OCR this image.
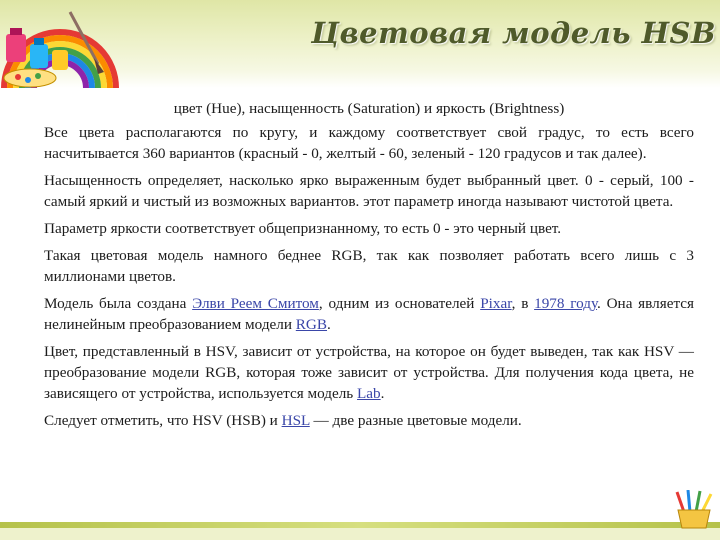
Цветовая модель HSB

цвет (Hue), насыщенность (Saturation) и яркость (Brightness)

Все цвета располагаются по кругу, и каждому соответствует свой градус, то есть всего насчитывается 360 вариантов (красный - 0, желтый - 60, зеленый - 120 градусов и так далее).

Насыщенность определяет, насколько ярко выраженным будет выбранный цвет. 0 - серый, 100 - самый яркий и чистый из возможных вариантов. этот параметр иногда называют чистотой цвета.

Параметр яркости соответствует общепризнанному, то есть 0 - это черный цвет.

Такая цветовая модель намного беднее RGB, так как позволяет работать всего лишь с 3 миллионами цветов.

Модель была создана Элви Реем Смитом, одним из основателей Pixar, в 1978 году. Она является нелинейным преобразованием модели RGB.

Цвет, представленный в HSV, зависит от устройства, на которое он будет выведен, так как HSV — преобразование модели RGB, которая тоже зависит от устройства. Для получения кода цвета, не зависящего от устройства, используется модель Lab.

Следует отметить, что HSV (HSB) и HSL — две разные цветовые модели.
